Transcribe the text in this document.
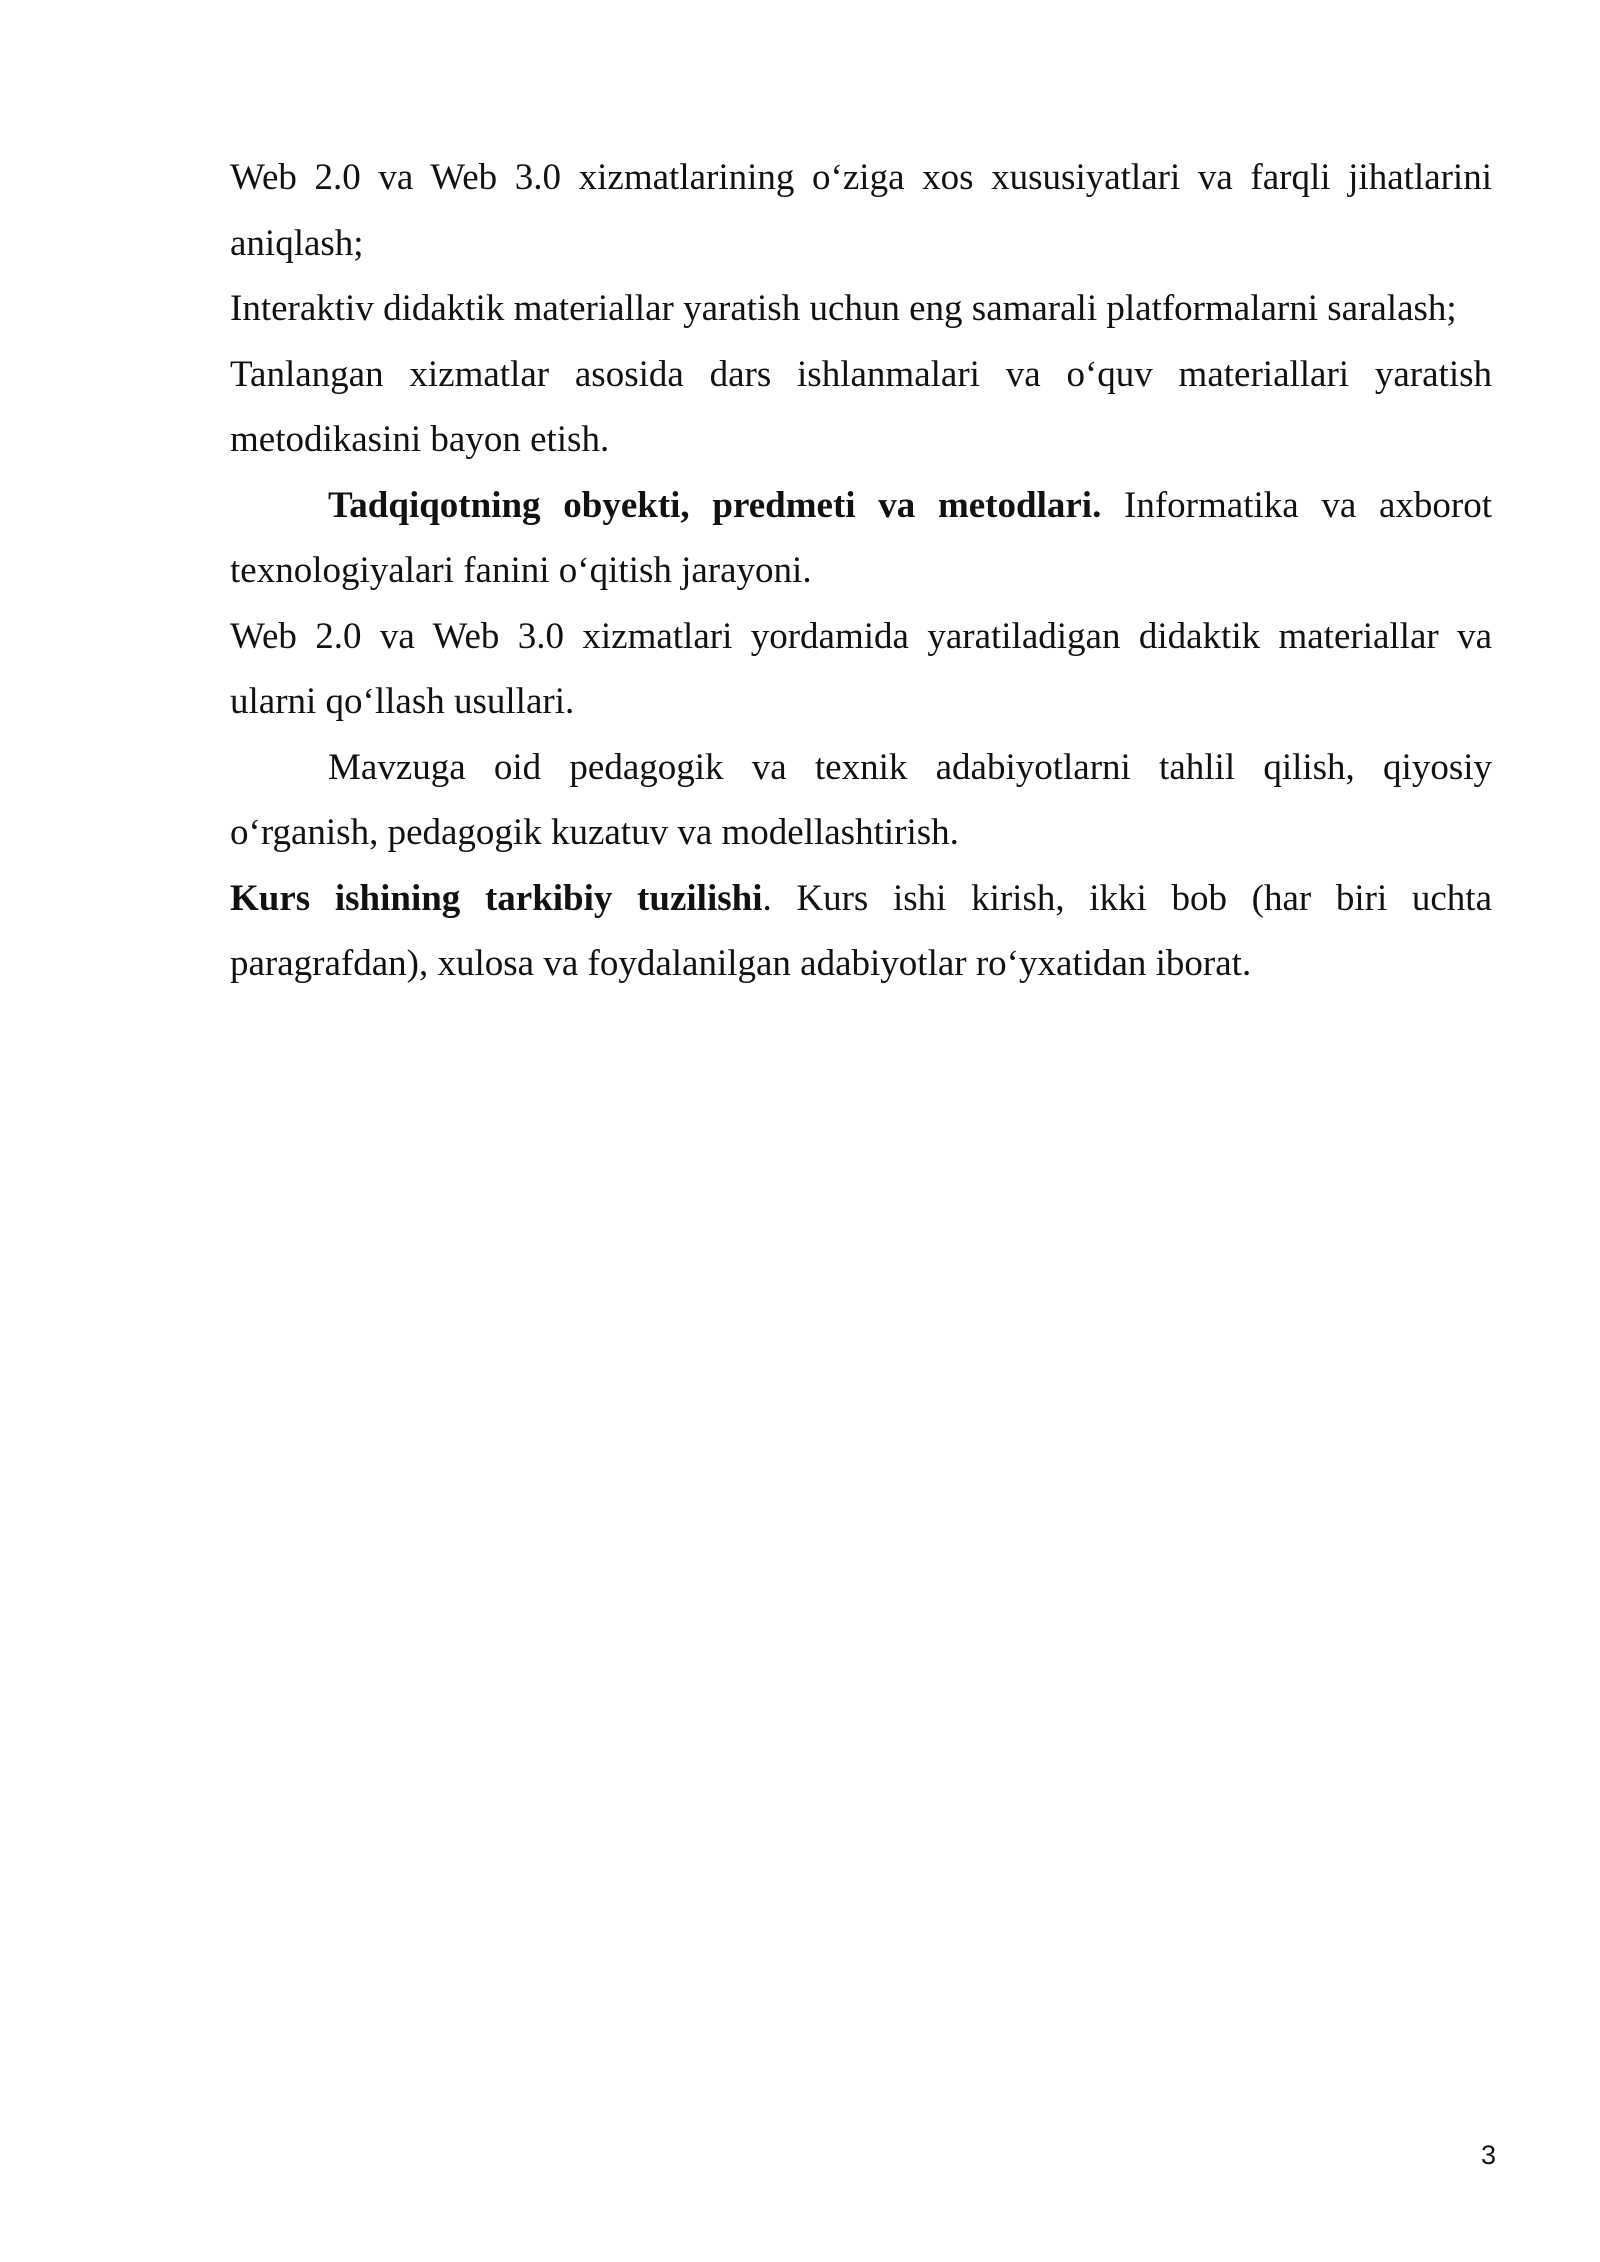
Web 2.0 va Web 3.0 xizmatlarining o‘ziga xos xususiyatlari va farqli jihatlarini aniqlash;

Interaktiv didaktik materiallar yaratish uchun eng samarali platformalarni saralash;

Tanlangan xizmatlar asosida dars ishlanmalari va o‘quv materiallari yaratish metodikasini bayon etish.

Tadqiqotning obyekti, predmeti va metodlari. Informatika va axborot texnologiyalari fanini o‘qitish jarayoni.

Web 2.0 va Web 3.0 xizmatlari yordamida yaratiladigan didaktik materiallar va ularni qo‘llash usullari.

Mavzuga oid pedagogik va texnik adabiyotlarni tahlil qilish, qiyosiy o‘rganish, pedagogik kuzatuv va modellashtirish.

Kurs ishining tarkibiy tuzilishi. Kurs ishi kirish, ikki bob (har biri uchta paragrafdan), xulosa va foydalanilgan adabiyotlar ro‘yxatidan iborat.

3
